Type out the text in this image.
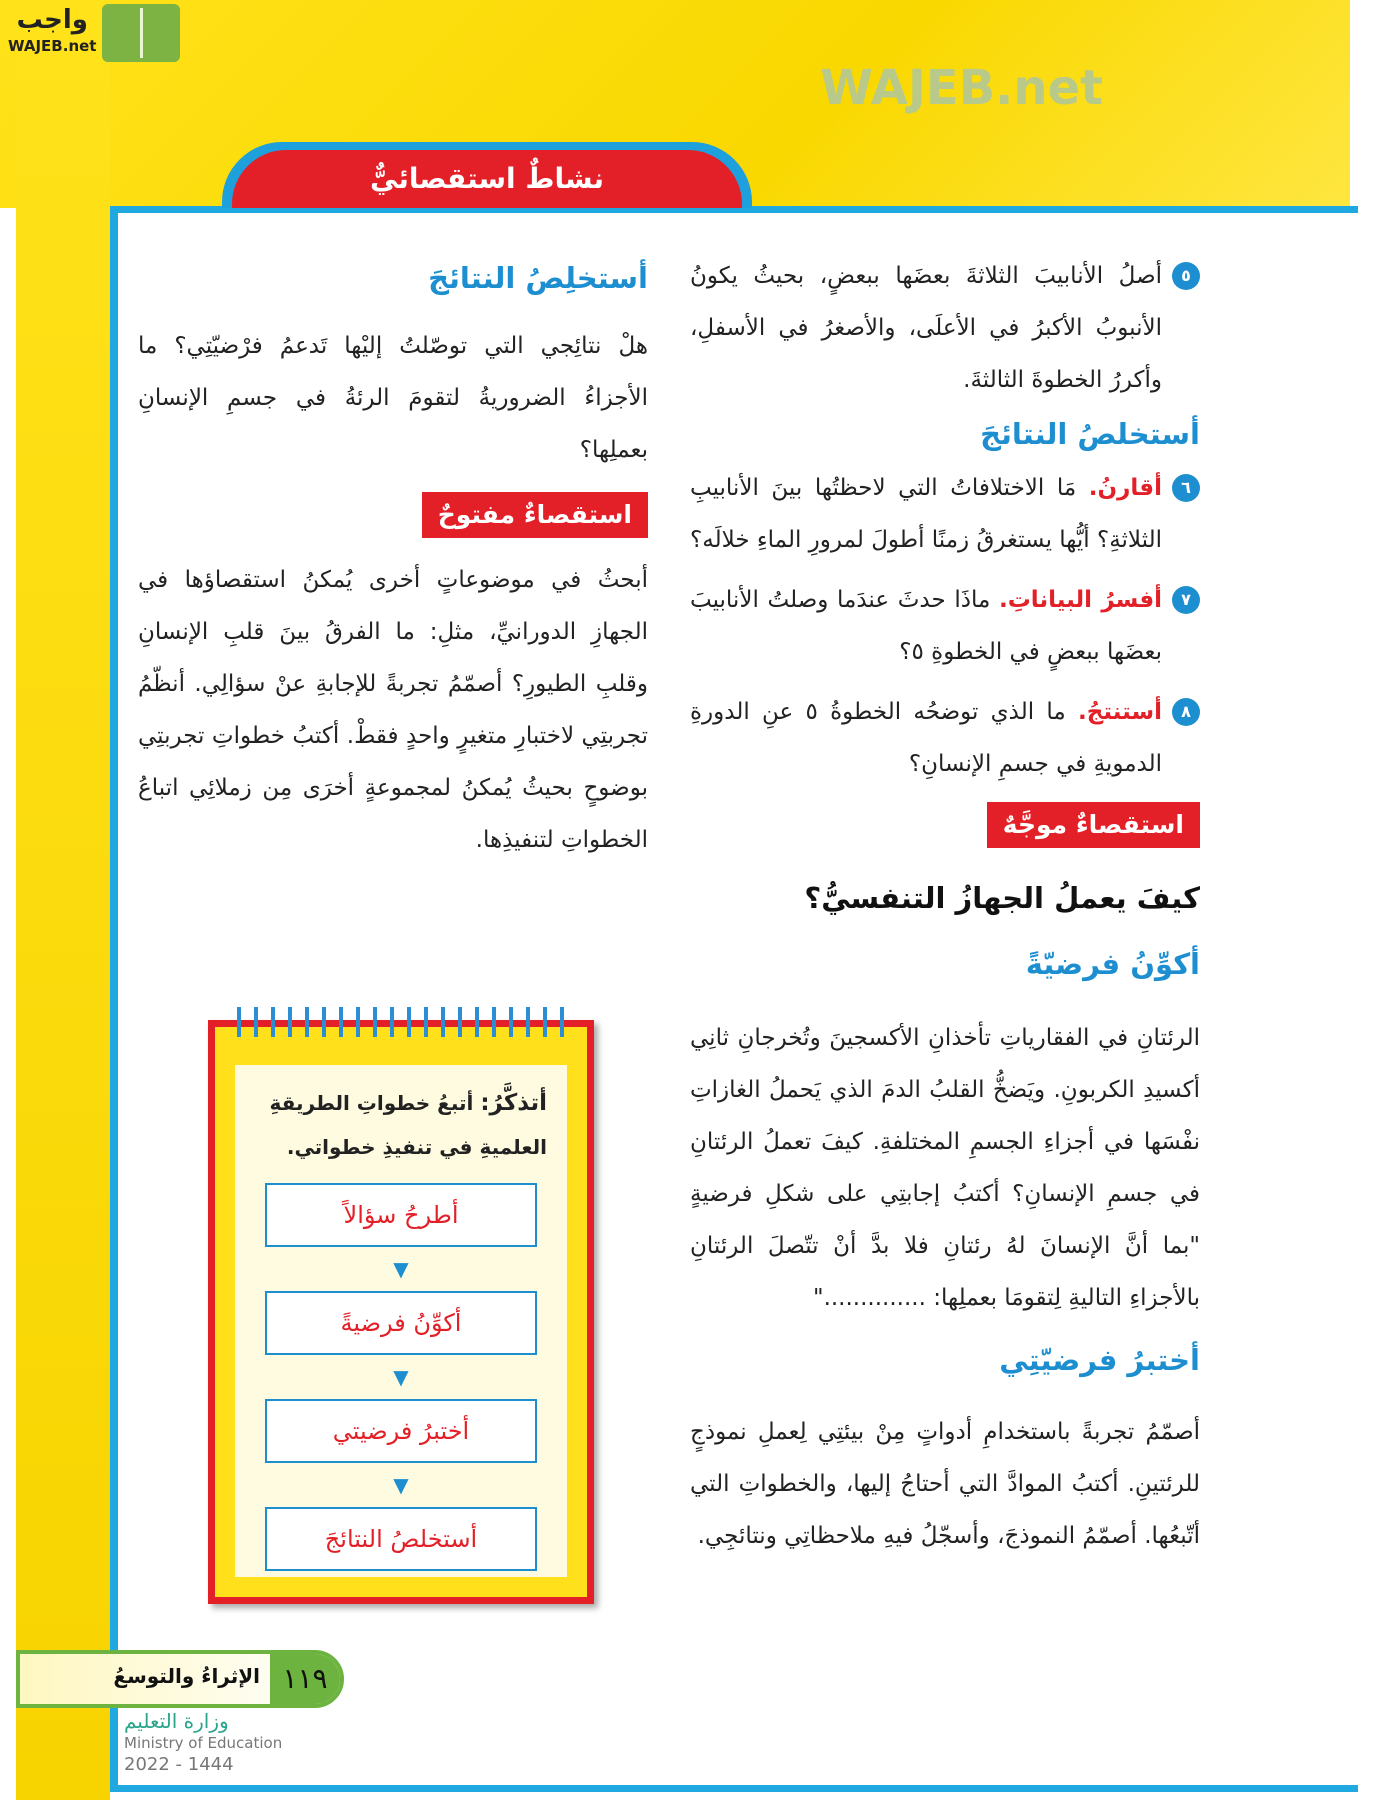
واجب
WAJEB.net
نشاطٌ استقصائيٌّ
WAJEB.net
٥
أصلُ الأنابيبَ الثلاثةَ بعضَها ببعضٍ، بحيثُ يكونُ الأنبوبُ الأكبرُ في الأعلَى، والأصغرُ في الأسفلِ، وأكررُ الخطوةَ الثالثةَ.
أستخلصُ النتائجَ
٦
أقارنُ. مَا الاختلافاتُ التي لاحظتُها بينَ الأنابيبِ الثلاثةِ؟ أيُّها يستغرقُ زمنًا أطولَ لمرورِ الماءِ خلالَه؟
٧
أفسرُ البياناتِ. ماذَا حدثَ عندَما وصلتُ الأنابيبَ بعضَها ببعضٍ في الخطوةِ ٥؟
٨
أستنتجُ. ما الذي توضحُه الخطوةُ ٥ عنِ الدورةِ الدمويةِ في جسمِ الإنسانِ؟
استقصاءٌ موجَّهٌ
كيفَ يعملُ الجهازُ التنفسيُّ؟
أكوِّنُ فرضيّةً
الرئتانِ في الفقارياتِ تأخذانِ الأكسجينَ وتُخرجانِ ثانِي أكسيدِ الكربونِ. ويَضخُّ القلبُ الدمَ الذي يَحملُ الغازاتِ نفْسَها في أجزاءِ الجسمِ المختلفةِ. كيفَ تعملُ الرئتانِ في جسمِ الإنسانِ؟ أكتبُ إجابتِي على شكلِ فرضيةٍ "بما أنَّ الإنسانَ لهُ رئتانِ فلا بدَّ أنْ تتّصلَ الرئتانِ بالأجزاءِ التاليةِ لِتقومَا بعملِها: .............."
أختبرُ فرضيّتِي
أصمّمُ تجربةً باستخدامِ أدواتٍ مِنْ بيئتِي لِعملِ نموذجٍ للرئتينِ. أكتبُ الموادَّ التي أحتاجُ إليها، والخطواتِ التي أتّبعُها. أصمّمُ النموذجَ، وأسجّلُ فيهِ ملاحظاتِي ونتائجِي.
أستخلِصُ النتائجَ
هلْ نتائِجي التي توصّلتُ إليْها تَدعمُ فرْضيّتِي؟ ما الأجزاءُ الضروريةُ لتقومَ الرئةُ في جسمِ الإنسانِ بعملِها؟
استقصاءٌ مفتوحٌ
أبحثُ في موضوعاتٍ أخرى يُمكنُ استقصاؤها في الجهازِ الدورانيِّ، مثلِ: ما الفرقُ بينَ قلبِ الإنسانِ وقلبِ الطيورِ؟ أصمّمُ تجربةً للإجابةِ عنْ سؤالِي. أنظّمُ تجربتِي لاختبارِ متغيرٍ واحدٍ فقطْ. أكتبُ خطواتِ تجربتِي بوضوحٍ بحيثُ يُمكنُ لمجموعةٍ أخرَى مِن زملائِي اتباعُ الخطواتِ لتنفيذِها.
أتذكَّرُ: أتبعُ خطواتِ الطريقةِ العلميةِ في تنفيذِ خطواتي.
أطرحُ سؤالاً
▼
أكوِّنُ فرضيةً
▼
أختبرُ فرضيتي
▼
أستخلصُ النتائجَ
١١٩
الإثراءُ والتوسعُ
وزارة التعليم
Ministry of Education
2022 - 1444
